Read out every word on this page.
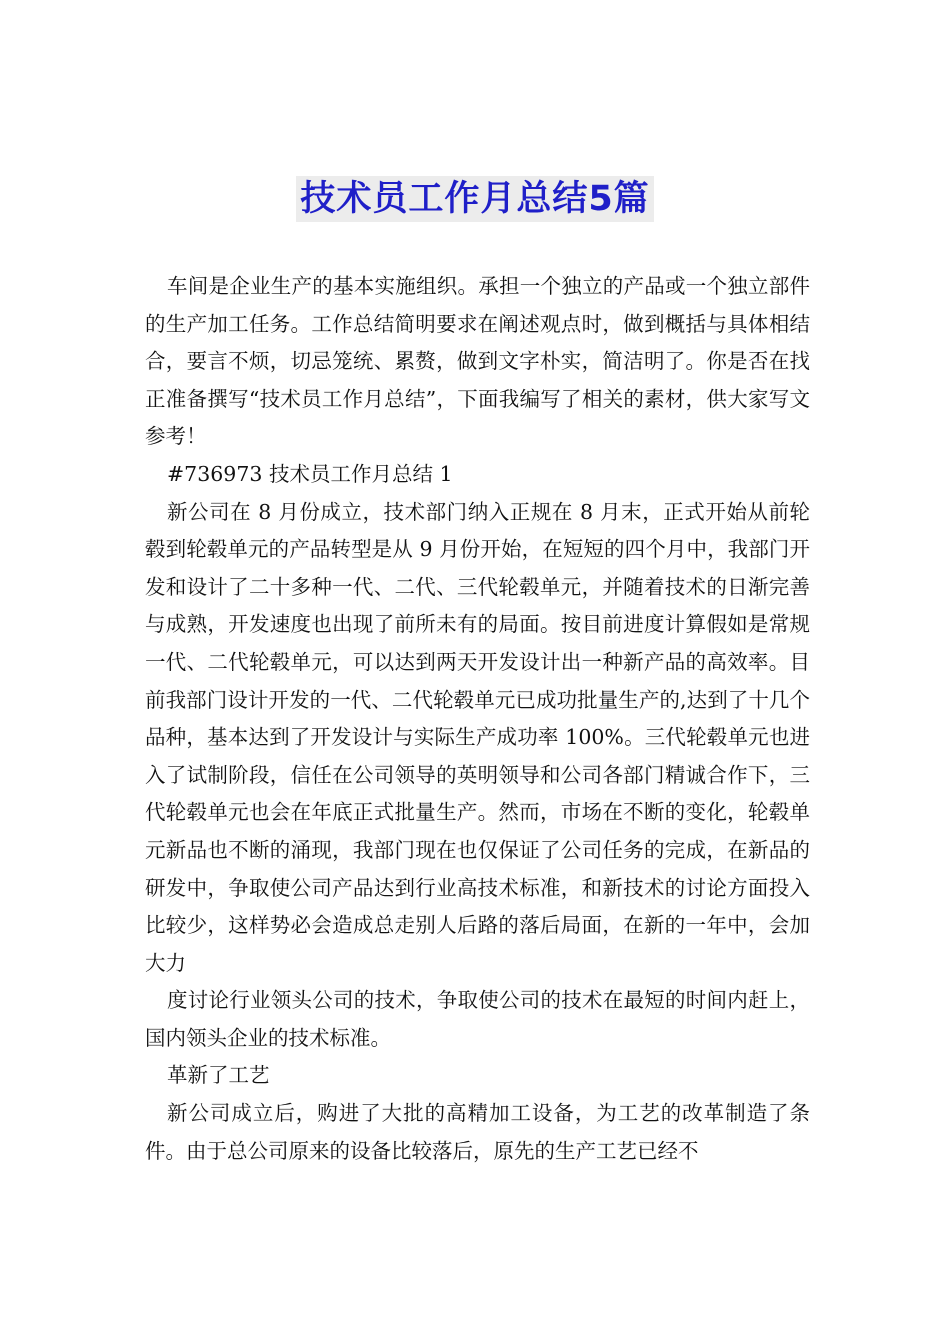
技术员工作月总结5篇

车间是企业生产的基本实施组织。承担一个独立的产品或一个独立部件的生产加工任务。工作总结简明要求在阐述观点时，做到概括与具体相结合，要言不烦，切忌笼统、累赘，做到文字朴实，简洁明了。你是否在找正准备撰写“技术员工作月总结”，下面我编写了相关的素材，供大家写文参考！

#736973 技术员工作月总结 1

新公司在 8 月份成立，技术部门纳入正规在 8 月末，正式开始从前轮毂到轮毂单元的产品转型是从 9 月份开始，在短短的四个月中，我部门开发和设计了二十多种一代、二代、三代轮毂单元，并随着技术的日渐完善与成熟，开发速度也出现了前所未有的局面。按目前进度计算假如是常规一代、二代轮毂单元，可以达到两天开发设计出一种新产品的高效率。目前我部门设计开发的一代、二代轮毂单元已成功批量生产的,达到了十几个品种，基本达到了开发设计与实际生产成功率 100%。三代轮毂单元也进入了试制阶段，信任在公司领导的英明领导和公司各部门精诚合作下，三代轮毂单元也会在年底正式批量生产。然而，市场在不断的变化，轮毂单元新品也不断的涌现，我部门现在也仅保证了公司任务的完成，在新品的研发中，争取使公司产品达到行业高技术标准，和新技术的讨论方面投入比较少，这样势必会造成总走别人后路的落后局面，在新的一年中，会加大力

度讨论行业领头公司的技术，争取使公司的技术在最短的时间内赶上，国内领头企业的技术标准。

革新了工艺

新公司成立后，购进了大批的高精加工设备，为工艺的改革制造了条件。由于总公司原来的设备比较落后，原先的生产工艺已经不
